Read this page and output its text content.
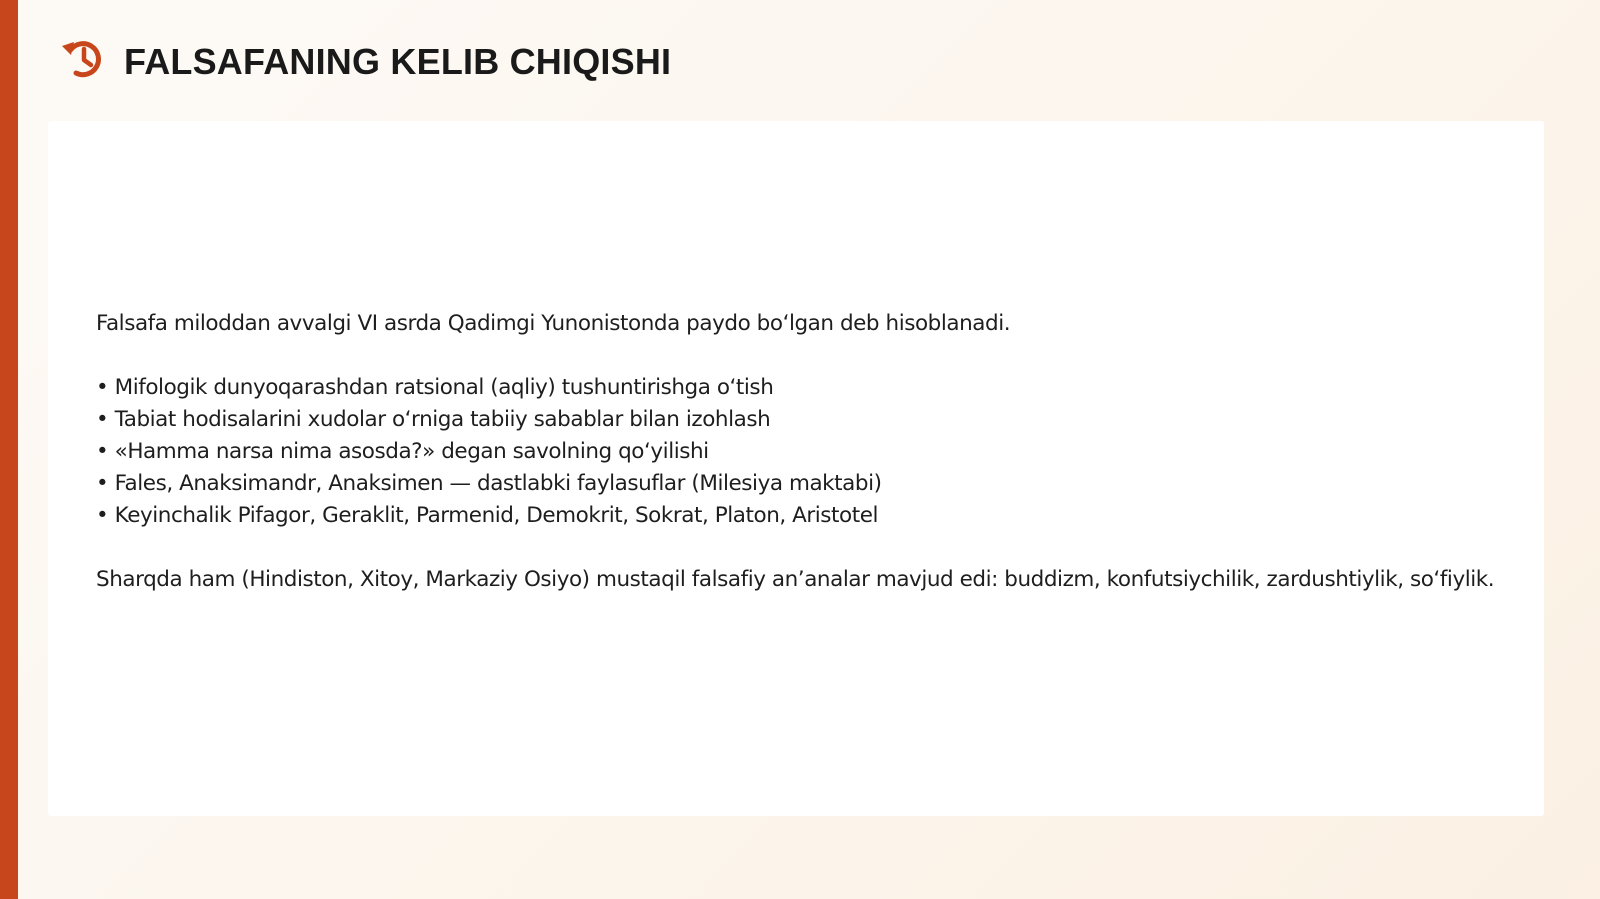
FALSAFANING KELIB CHIQISHI

Falsafa miloddan avvalgi VI asrda Qadimgi Yunonistonda paydo boʻlgan deb hisoblanadi.

• Mifologik dunyoqarashdan ratsional (aqliy) tushuntirishga oʻtish
• Tabiat hodisalarini xudolar oʻrniga tabiiy sabablar bilan izohlash
• «Hamma narsa nima asosda?» degan savolning qoʻyilishi
• Fales, Anaksimandr, Anaksimen — dastlabki faylasuflar (Milesiya maktabi)
• Keyinchalik Pifagor, Geraklit, Parmenid, Demokrit, Sokrat, Platon, Aristotel

Sharqda ham (Hindiston, Xitoy, Markaziy Osiyo) mustaqil falsafiy an’analar mavjud edi: buddizm, konfutsiychilik, zardushtiylik, soʻfiylik.
